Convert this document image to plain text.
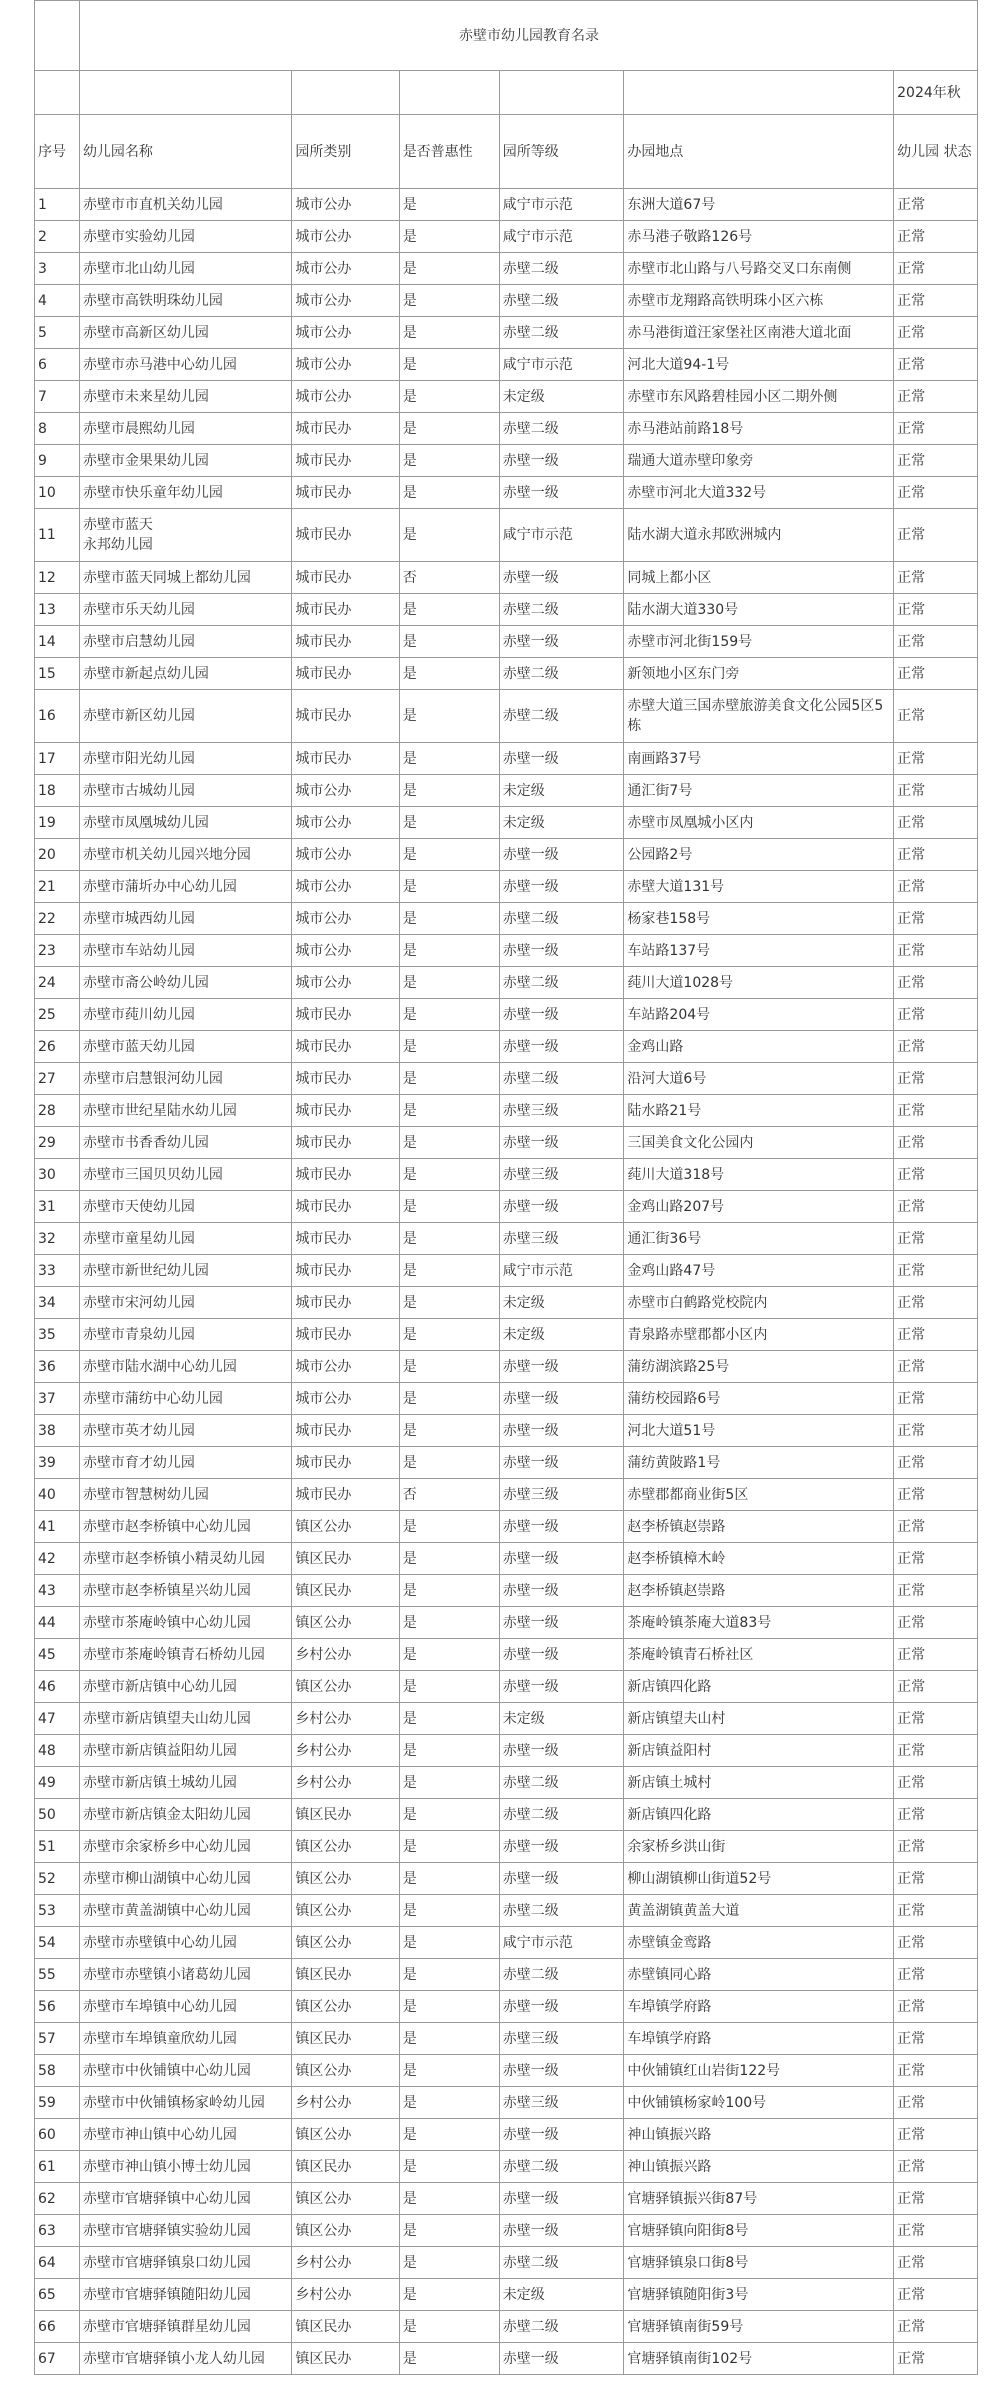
	赤壁市幼儿园教育名录					
						2024年秋
序号	幼儿园名称	园所类别	是否普惠性	园所等级	办园地点	幼儿园 状态
1	赤壁市市直机关幼儿园	城市公办	是	咸宁市示范	东洲大道67号	正常
2	赤壁市实验幼儿园	城市公办	是	咸宁市示范	赤马港子敬路126号	正常
3	赤壁市北山幼儿园	城市公办	是	赤壁二级	赤壁市北山路与八号路交叉口东南侧	正常
4	赤壁市高铁明珠幼儿园	城市公办	是	赤壁二级	赤壁市龙翔路高铁明珠小区六栋	正常
5	赤壁市高新区幼儿园	城市公办	是	赤壁二级	赤马港街道汪家堡社区南港大道北面	正常
6	赤壁市赤马港中心幼儿园	城市公办	是	咸宁市示范	河北大道94-1号	正常
7	赤壁市未来星幼儿园	城市公办	是	未定级	赤壁市东风路碧桂园小区二期外侧	正常
8	赤壁市晨熙幼儿园	城市民办	是	赤壁二级	赤马港站前路18号	正常
9	赤壁市金果果幼儿园	城市民办	是	赤壁一级	瑞通大道赤壁印象旁	正常
10	赤壁市快乐童年幼儿园	城市民办	是	赤壁一级	赤壁市河北大道332号	正常
11	赤壁市蓝天
永邦幼儿园	城市民办	是	咸宁市示范	陆水湖大道永邦欧洲城内	正常
12	赤壁市蓝天同城上都幼儿园	城市民办	否	赤壁一级	同城上都小区	正常
13	赤壁市乐天幼儿园	城市民办	是	赤壁二级	陆水湖大道330号	正常
14	赤壁市启慧幼儿园	城市民办	是	赤壁一级	赤壁市河北街159号	正常
15	赤壁市新起点幼儿园	城市民办	是	赤壁二级	新领地小区东门旁	正常
16	赤壁市新区幼儿园	城市民办	是	赤壁二级	赤壁大道三国赤壁旅游美食文化公园5区5栋	正常
17	赤壁市阳光幼儿园	城市民办	是	赤壁一级	南画路37号	正常
18	赤壁市古城幼儿园	城市公办	是	未定级	通汇街7号	正常
19	赤壁市凤凰城幼儿园	城市公办	是	未定级	赤壁市凤凰城小区内	正常
20	赤壁市机关幼儿园兴地分园	城市公办	是	赤壁一级	公园路2号	正常
21	赤壁市蒲圻办中心幼儿园	城市公办	是	赤壁一级	赤壁大道131号	正常
22	赤壁市城西幼儿园	城市公办	是	赤壁二级	杨家巷158号	正常
23	赤壁市车站幼儿园	城市公办	是	赤壁一级	车站路137号	正常
24	赤壁市斋公岭幼儿园	城市公办	是	赤壁二级	莼川大道1028号	正常
25	赤壁市莼川幼儿园	城市民办	是	赤壁一级	车站路204号	正常
26	赤壁市蓝天幼儿园	城市民办	是	赤壁一级	金鸡山路	正常
27	赤壁市启慧银河幼儿园	城市民办	是	赤壁二级	沿河大道6号	正常
28	赤壁市世纪星陆水幼儿园	城市民办	是	赤壁三级	陆水路21号	正常
29	赤壁市书香香幼儿园	城市民办	是	赤壁一级	三国美食文化公园内	正常
30	赤壁市三国贝贝幼儿园	城市民办	是	赤壁三级	莼川大道318号	正常
31	赤壁市天使幼儿园	城市民办	是	赤壁一级	金鸡山路207号	正常
32	赤壁市童星幼儿园	城市民办	是	赤壁三级	通汇街36号	正常
33	赤壁市新世纪幼儿园	城市民办	是	咸宁市示范	金鸡山路47号	正常
34	赤壁市宋河幼儿园	城市民办	是	未定级	赤壁市白鹤路党校院内	正常
35	赤壁市青泉幼儿园	城市民办	是	未定级	青泉路赤壁郡都小区内	正常
36	赤壁市陆水湖中心幼儿园	城市公办	是	赤壁一级	蒲纺湖滨路25号	正常
37	赤壁市蒲纺中心幼儿园	城市公办	是	赤壁一级	蒲纺校园路6号	正常
38	赤壁市英才幼儿园	城市民办	是	赤壁一级	河北大道51号	正常
39	赤壁市育才幼儿园	城市民办	是	赤壁一级	蒲纺黄陂路1号	正常
40	赤壁市智慧树幼儿园	城市民办	否	赤壁三级	赤壁郡都商业街5区	正常
41	赤壁市赵李桥镇中心幼儿园	镇区公办	是	赤壁一级	赵李桥镇赵崇路	正常
42	赤壁市赵李桥镇小精灵幼儿园	镇区民办	是	赤壁一级	赵李桥镇樟木岭	正常
43	赤壁市赵李桥镇星兴幼儿园	镇区民办	是	赤壁一级	赵李桥镇赵崇路	正常
44	赤壁市茶庵岭镇中心幼儿园	镇区公办	是	赤壁一级	茶庵岭镇茶庵大道83号	正常
45	赤壁市茶庵岭镇青石桥幼儿园	乡村公办	是	赤壁一级	茶庵岭镇青石桥社区	正常
46	赤壁市新店镇中心幼儿园	镇区公办	是	赤壁一级	新店镇四化路	正常
47	赤壁市新店镇望夫山幼儿园	乡村公办	是	未定级	新店镇望夫山村	正常
48	赤壁市新店镇益阳幼儿园	乡村公办	是	赤壁一级	新店镇益阳村	正常
49	赤壁市新店镇土城幼儿园	乡村公办	是	赤壁二级	新店镇土城村	正常
50	赤壁市新店镇金太阳幼儿园	镇区民办	是	赤壁二级	新店镇四化路	正常
51	赤壁市余家桥乡中心幼儿园	镇区公办	是	赤壁一级	余家桥乡洪山街	正常
52	赤壁市柳山湖镇中心幼儿园	镇区公办	是	赤壁一级	柳山湖镇柳山街道52号	正常
53	赤壁市黄盖湖镇中心幼儿园	镇区公办	是	赤壁二级	黄盖湖镇黄盖大道	正常
54	赤壁市赤壁镇中心幼儿园	镇区公办	是	咸宁市示范	赤壁镇金鸾路	正常
55	赤壁市赤壁镇小诸葛幼儿园	镇区民办	是	赤壁二级	赤壁镇同心路	正常
56	赤壁市车埠镇中心幼儿园	镇区公办	是	赤壁一级	车埠镇学府路	正常
57	赤壁市车埠镇童欣幼儿园	镇区民办	是	赤壁三级	车埠镇学府路	正常
58	赤壁市中伙铺镇中心幼儿园	镇区公办	是	赤壁一级	中伙铺镇红山岩街122号	正常
59	赤壁市中伙铺镇杨家岭幼儿园	乡村公办	是	赤壁三级	中伙铺镇杨家岭100号	正常
60	赤壁市神山镇中心幼儿园	镇区公办	是	赤壁一级	神山镇振兴路	正常
61	赤壁市神山镇小博士幼儿园	镇区民办	是	赤壁二级	神山镇振兴路	正常
62	赤壁市官塘驿镇中心幼儿园	镇区公办	是	赤壁一级	官塘驿镇振兴街87号	正常
63	赤壁市官塘驿镇实验幼儿园	镇区公办	是	赤壁一级	官塘驿镇向阳街8号	正常
64	赤壁市官塘驿镇泉口幼儿园	乡村公办	是	赤壁二级	官塘驿镇泉口街8号	正常
65	赤壁市官塘驿镇随阳幼儿园	乡村公办	是	未定级	官塘驿镇随阳街3号	正常
66	赤壁市官塘驿镇群星幼儿园	镇区民办	是	赤壁二级	官塘驿镇南街59号	正常
67	赤壁市官塘驿镇小龙人幼儿园	镇区民办	是	赤壁一级	官塘驿镇南街102号	正常
